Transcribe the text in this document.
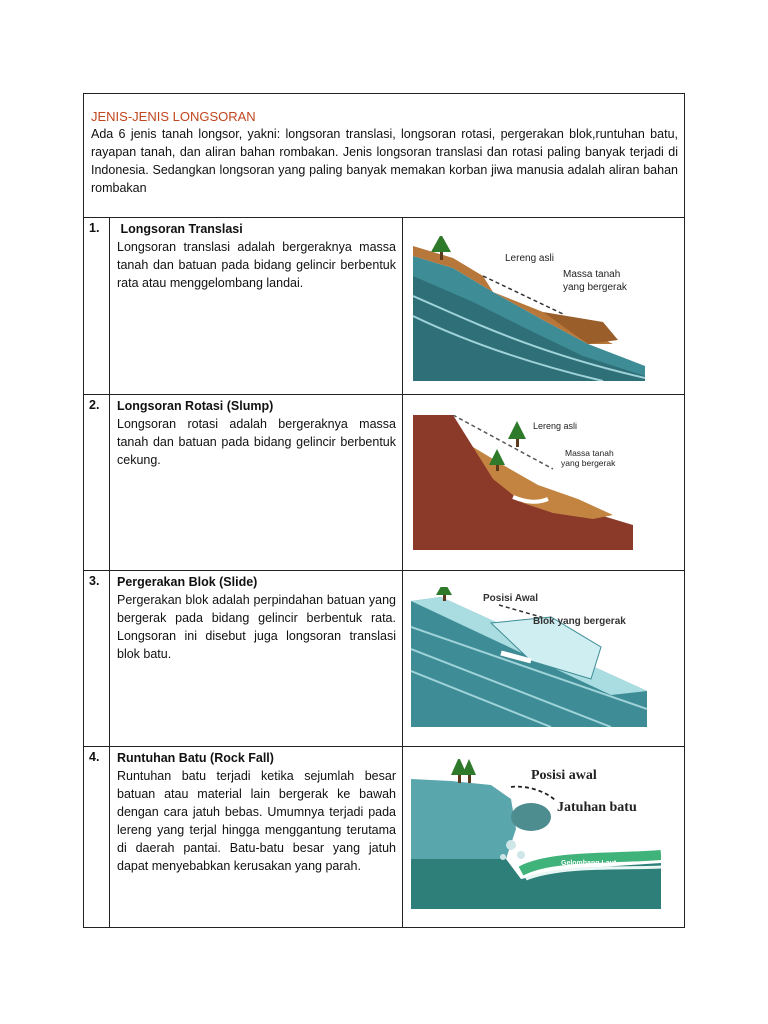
JENIS-JENIS LONGSORAN
Ada 6 jenis tanah longsor, yakni: longsoran translasi, longsoran rotasi, pergerakan blok,runtuhan batu, rayapan tanah, dan aliran bahan rombakan. Jenis longsoran translasi dan rotasi paling banyak terjadi di Indonesia. Sedangkan longsoran yang paling banyak memakan korban jiwa manusia adalah aliran bahan rombakan
1.	Longsoran Translasi
Longsoran translasi adalah bergeraknya massa tanah dan batuan pada bidang gelincir berbentuk rata atau menggelombang landai.
Lereng asli
Massa tanah
yang bergerak
2.	Longsoran Rotasi (Slump)
Longsoran rotasi adalah bergeraknya massa tanah dan batuan pada bidang gelincir berbentuk cekung.
Lereng asli
Massa tanah
yang bergerak
3.	Pergerakan Blok (Slide)
Pergerakan blok adalah perpindahan batuan yang bergerak pada bidang gelincir berbentuk rata. Longsoran ini disebut juga longsoran translasi blok batu.
Posisi Awal
Blok yang bergerak
4.	Runtuhan Batu (Rock Fall)
Runtuhan batu terjadi ketika sejumlah besar batuan atau material lain bergerak ke bawah dengan cara jatuh bebas. Umumnya terjadi pada lereng yang terjal hingga menggantung terutama di daerah pantai. Batu-batu besar yang jatuh dapat menyebabkan kerusakan yang parah.
Posisi awal
Jatuhan batu
Gelombang Laut
